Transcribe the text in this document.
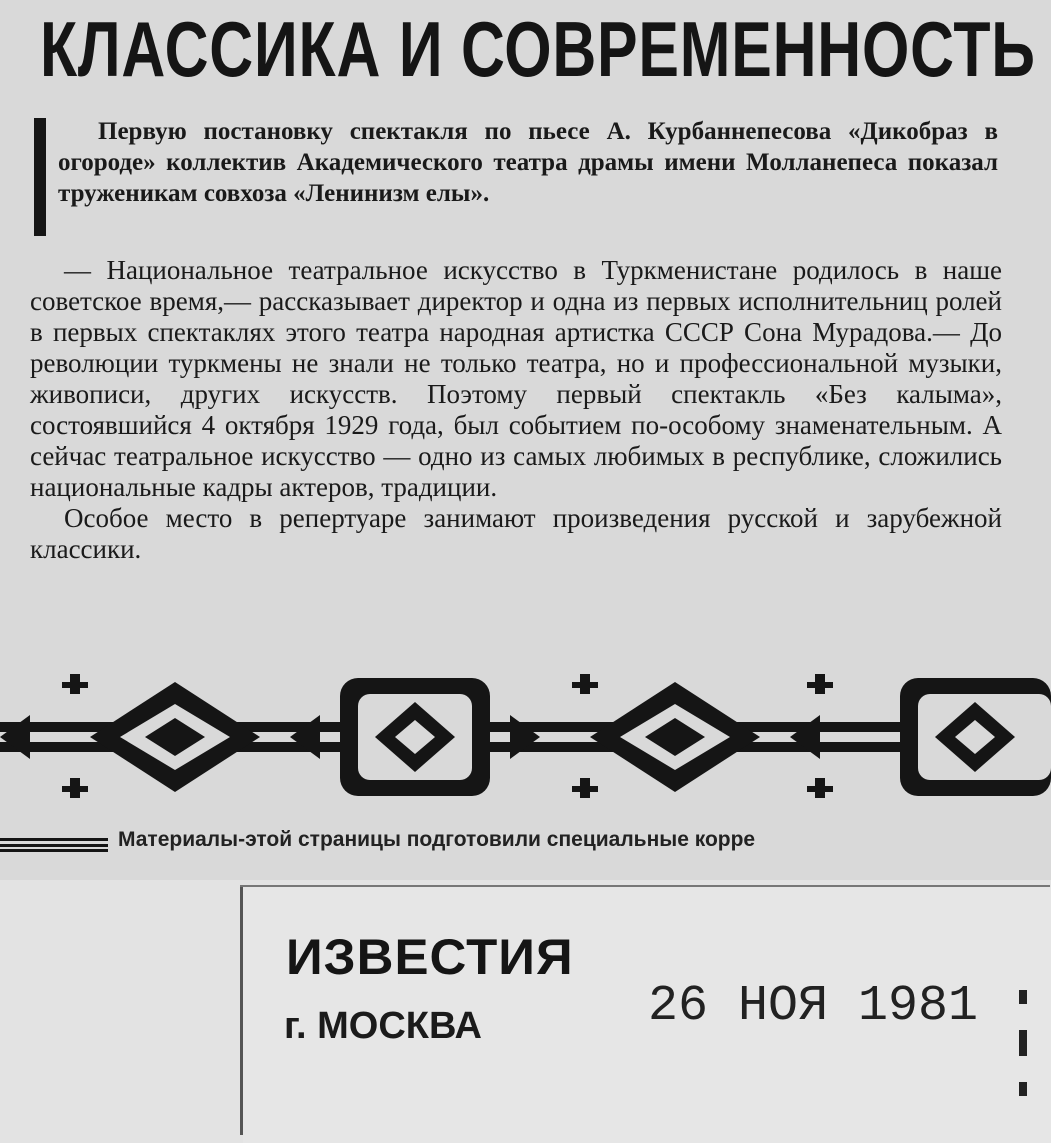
КЛАССИКА И СОВРЕМЕННОСТЬ

Первую постановку спектакля по пьесе А. Курбаннепесова «Дикобраз в огороде» коллектив Академического театра драмы имени Молланепеса показал труженикам совхоза «Ленинизм елы».

— Национальное театральное искусство в Туркменистане родилось в наше советское время,— рассказывает директор и одна из первых исполнительниц ролей в первых спектаклях этого театра народная артистка СССР Сона Мурадова.— До революции туркмены не знали не только театра, но и профессиональной музыки, живописи, других искусств. Поэтому первый спектакль «Без калыма», состоявшийся 4 октября 1929 года, был событием по-особому знаменательным. А сейчас театральное искусство — одно из самых любимых в республике, сложились национальные кадры актеров, традиции.

Особое место в репертуаре занимают произведения русской и зарубежной классики.

Материалы-этой страницы подготовили специальные корре
ИЗВЕСТИЯ
г. МОСКВА	26 НОЯ 1981
